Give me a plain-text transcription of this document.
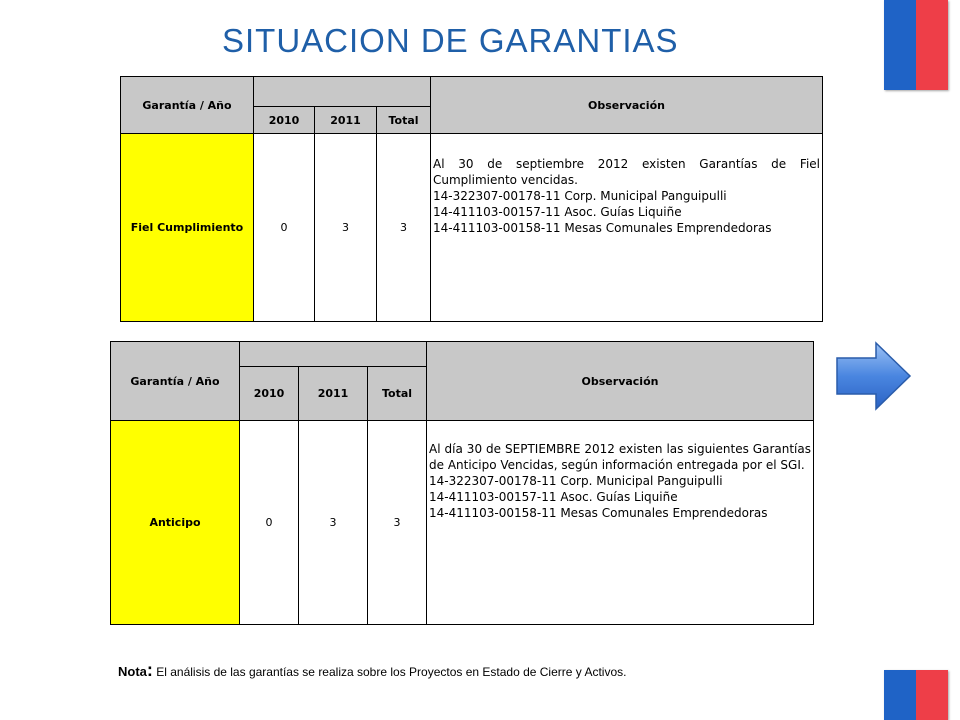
SITUACION DE GARANTIAS
Garantía / Año				Observación
	2010	2011	Total	
Fiel Cumplimiento	0	3	3	Al 30 de septiembre 2012 existen Garantías de Fiel Cumplimiento vencidas.
14-322307-00178-11 Corp. Municipal Panguipulli
14-411103-00157-11 Asoc. Guías Liquiñe
14-411103-00158-11 Mesas Comunales Emprendedoras
Garantía / Año				Observación
	2010	2011	Total	
Anticipo	0	3	3	Al día 30 de SEPTIEMBRE 2012 existen las siguientes Garantías de Anticipo Vencidas, según información entregada por el SGI.
14-322307-00178-11 Corp. Municipal Panguipulli
14-411103-00157-11 Asoc. Guías Liquiñe
14-411103-00158-11 Mesas Comunales Emprendedoras
Nota: El análisis de las garantías se realiza sobre los Proyectos en Estado de Cierre y Activos.
